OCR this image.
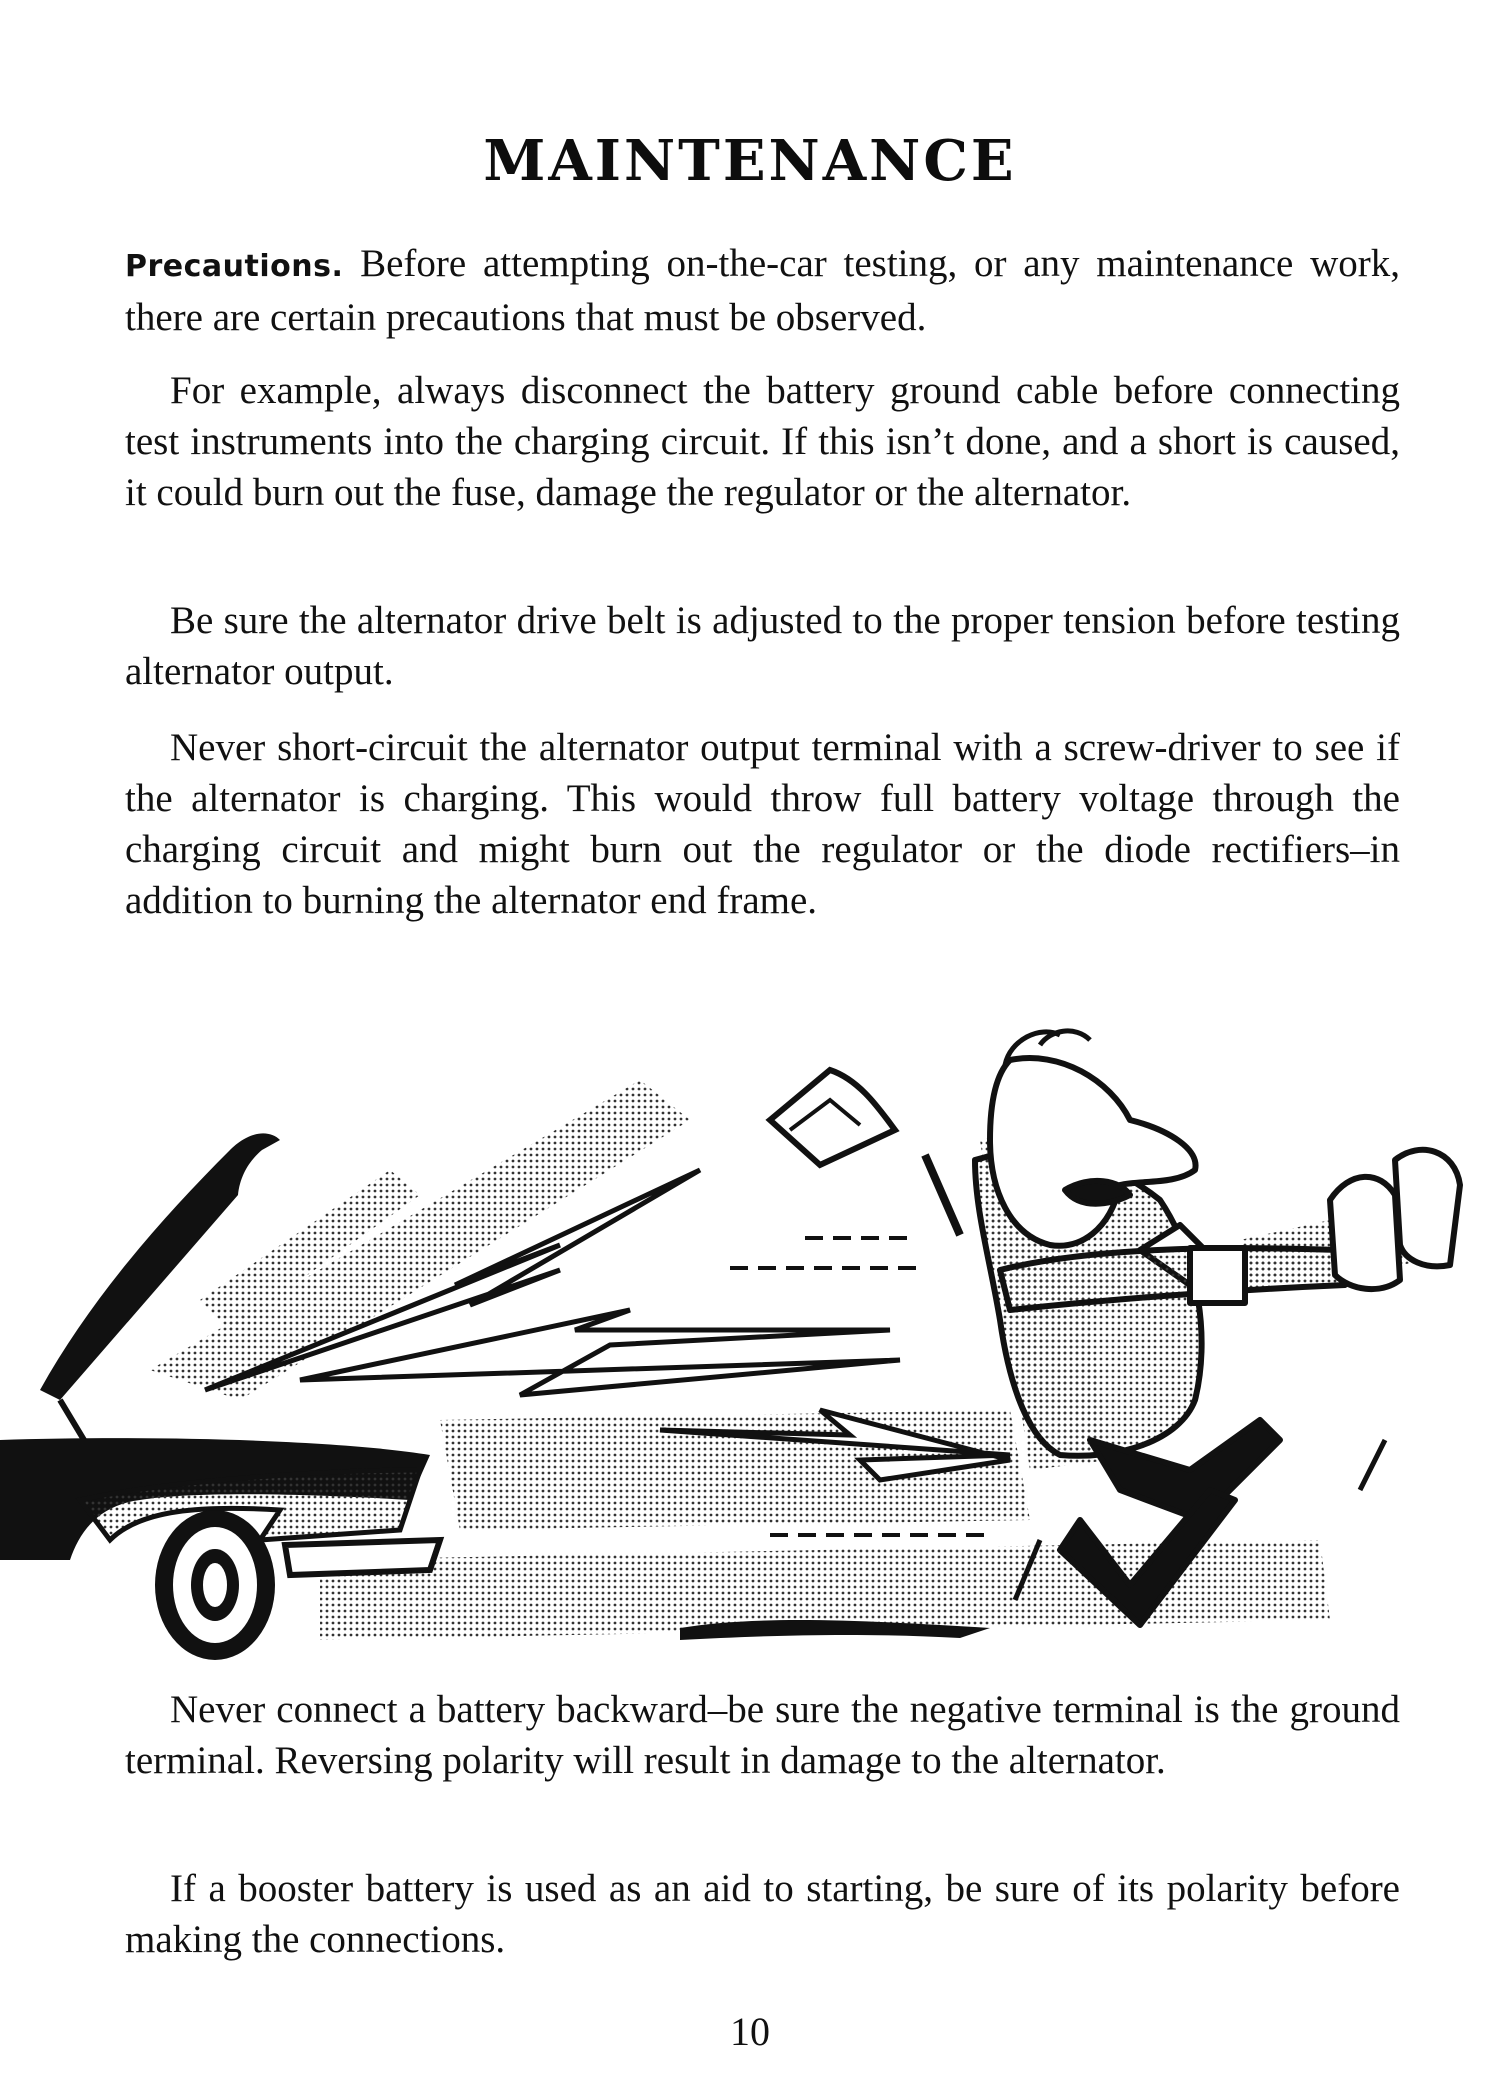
MAINTENANCE

Precautions. Before attempting on-the-car testing, or any maintenance work, there are certain precautions that must be observed.

For example, always disconnect the battery ground cable before connecting test instruments into the charging circuit. If this isn’t done, and a short is caused, it could burn out the fuse, damage the regulator or the alternator.

Be sure the alternator drive belt is adjusted to the proper tension before testing alternator output.

Never short-circuit the alternator output terminal with a screw-driver to see if the alternator is charging. This would throw full battery voltage through the charging circuit and might burn out the regulator or the diode rectifiers–in addition to burning the alternator end frame.

Never connect a battery backward–be sure the negative terminal is the ground terminal. Reversing polarity will result in damage to the alternator.

If a booster battery is used as an aid to starting, be sure of its polarity before making the connections.

10
